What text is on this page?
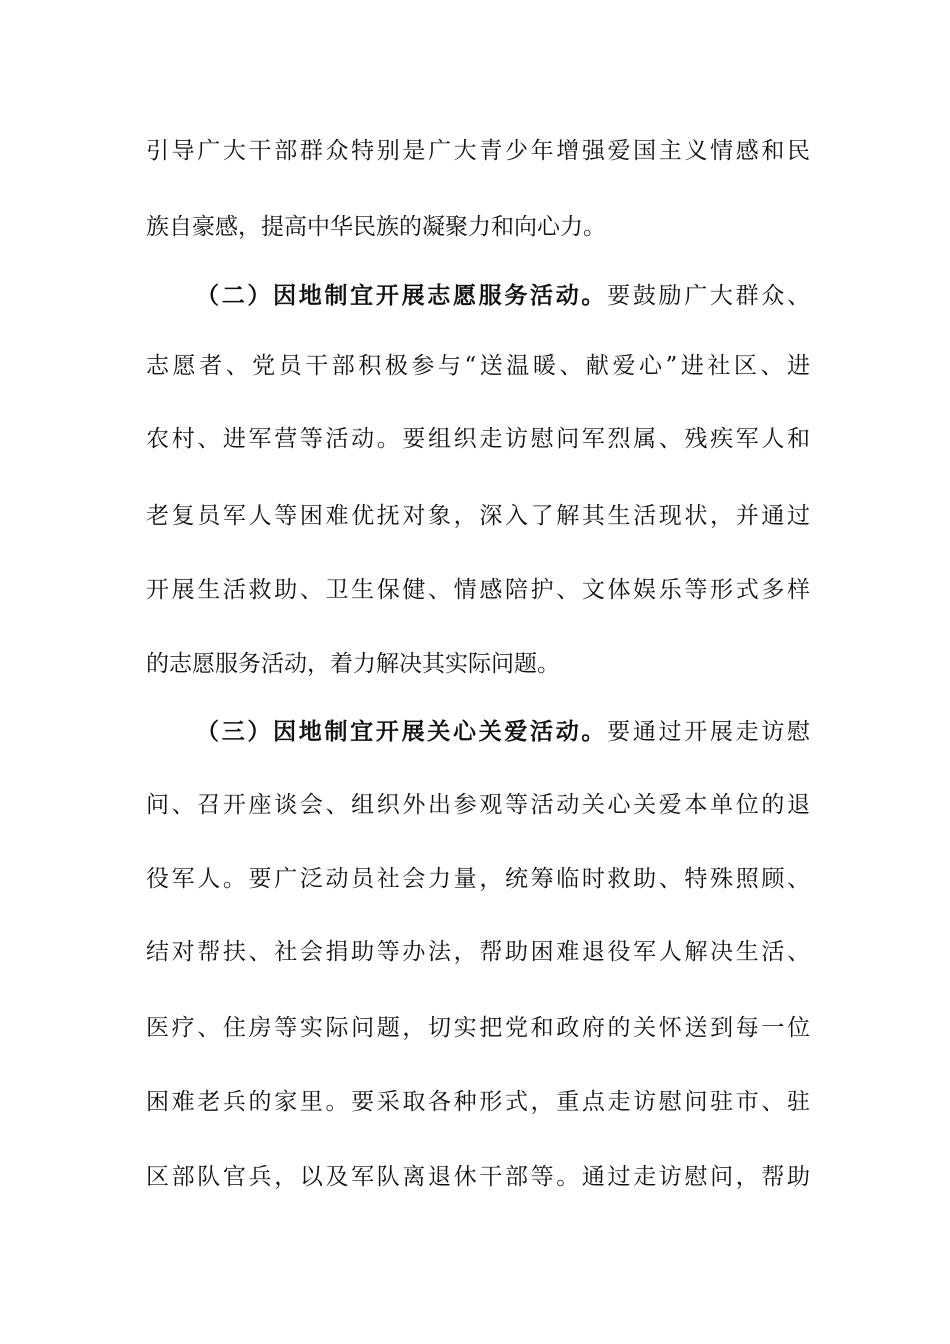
引导广大干部群众特别是广大青少年增强爱国主义情感和民
族自豪感，提高中华民族的凝聚力和向心力。
（二）因地制宜开展志愿服务活动。要鼓励广大群众、
志愿者、党员干部积极参与“送温暖、献爱心”进社区、进
农村、进军营等活动。要组织走访慰问军烈属、残疾军人和
老复员军人等困难优抚对象，深入了解其生活现状，并通过
开展生活救助、卫生保健、情感陪护、文体娱乐等形式多样
的志愿服务活动，着力解决其实际问题。
（三）因地制宜开展关心关爱活动。要通过开展走访慰
问、召开座谈会、组织外出参观等活动关心关爱本单位的退
役军人。要广泛动员社会力量，统筹临时救助、特殊照顾、
结对帮扶、社会捐助等办法，帮助困难退役军人解决生活、
医疗、住房等实际问题，切实把党和政府的关怀送到每一位
困难老兵的家里。要采取各种形式，重点走访慰问驻市、驻
区部队官兵，以及军队离退休干部等。通过走访慰问，帮助
